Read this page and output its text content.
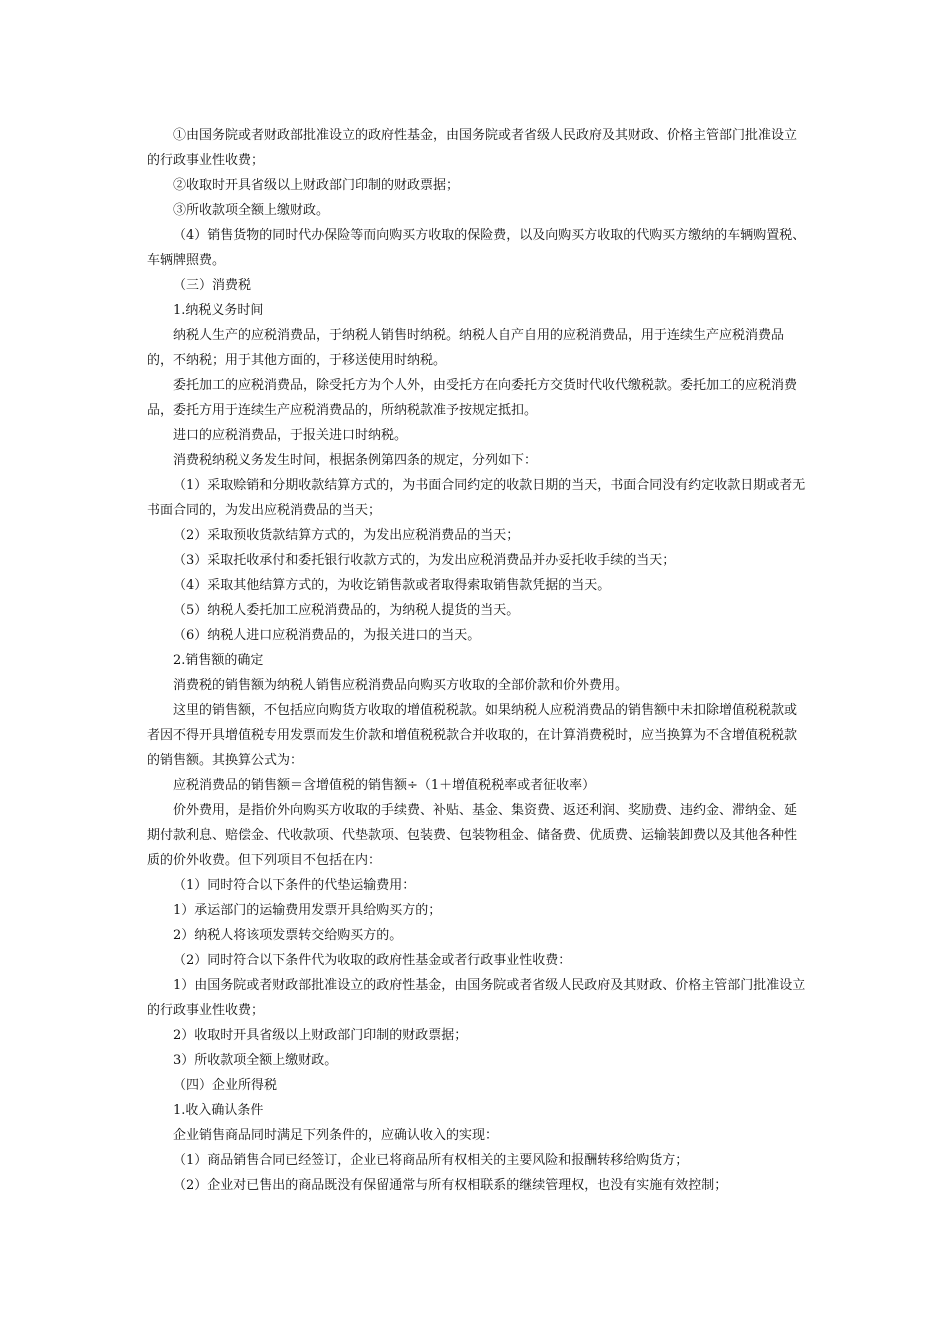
①由国务院或者财政部批准设立的政府性基金，由国务院或者省级人民政府及其财政、价格主管部门批准设立的行政事业性收费；

②收取时开具省级以上财政部门印制的财政票据；

③所收款项全额上缴财政。

（4）销售货物的同时代办保险等而向购买方收取的保险费，以及向购买方收取的代购买方缴纳的车辆购置税、车辆牌照费。

（三）消费税

1.纳税义务时间

纳税人生产的应税消费品，于纳税人销售时纳税。纳税人自产自用的应税消费品，用于连续生产应税消费品的，不纳税；用于其他方面的，于移送使用时纳税。

委托加工的应税消费品，除受托方为个人外，由受托方在向委托方交货时代收代缴税款。委托加工的应税消费品，委托方用于连续生产应税消费品的，所纳税款准予按规定抵扣。

进口的应税消费品，于报关进口时纳税。

消费税纳税义务发生时间，根据条例第四条的规定，分列如下：

（1）采取赊销和分期收款结算方式的，为书面合同约定的收款日期的当天，书面合同没有约定收款日期或者无书面合同的，为发出应税消费品的当天；

（2）采取预收货款结算方式的，为发出应税消费品的当天；

（3）采取托收承付和委托银行收款方式的，为发出应税消费品并办妥托收手续的当天；

（4）采取其他结算方式的，为收讫销售款或者取得索取销售款凭据的当天。

（5）纳税人委托加工应税消费品的，为纳税人提货的当天。

（6）纳税人进口应税消费品的，为报关进口的当天。

2.销售额的确定

消费税的销售额为纳税人销售应税消费品向购买方收取的全部价款和价外费用。

这里的销售额，不包括应向购货方收取的增值税税款。如果纳税人应税消费品的销售额中未扣除增值税税款或者因不得开具增值税专用发票而发生价款和增值税税款合并收取的，在计算消费税时，应当换算为不含增值税税款的销售额。其换算公式为：

应税消费品的销售额＝含增值税的销售额÷（1＋增值税税率或者征收率）

价外费用，是指价外向购买方收取的手续费、补贴、基金、集资费、返还利润、奖励费、违约金、滞纳金、延期付款利息、赔偿金、代收款项、代垫款项、包装费、包装物租金、储备费、优质费、运输装卸费以及其他各种性质的价外收费。但下列项目不包括在内：

（1）同时符合以下条件的代垫运输费用：

1）承运部门的运输费用发票开具给购买方的；

2）纳税人将该项发票转交给购买方的。

（2）同时符合以下条件代为收取的政府性基金或者行政事业性收费：

1）由国务院或者财政部批准设立的政府性基金，由国务院或者省级人民政府及其财政、价格主管部门批准设立的行政事业性收费；

2）收取时开具省级以上财政部门印制的财政票据；

3）所收款项全额上缴财政。

（四）企业所得税

1.收入确认条件

企业销售商品同时满足下列条件的，应确认收入的实现：

（1）商品销售合同已经签订，企业已将商品所有权相关的主要风险和报酬转移给购货方；

（2）企业对已售出的商品既没有保留通常与所有权相联系的继续管理权，也没有实施有效控制；
